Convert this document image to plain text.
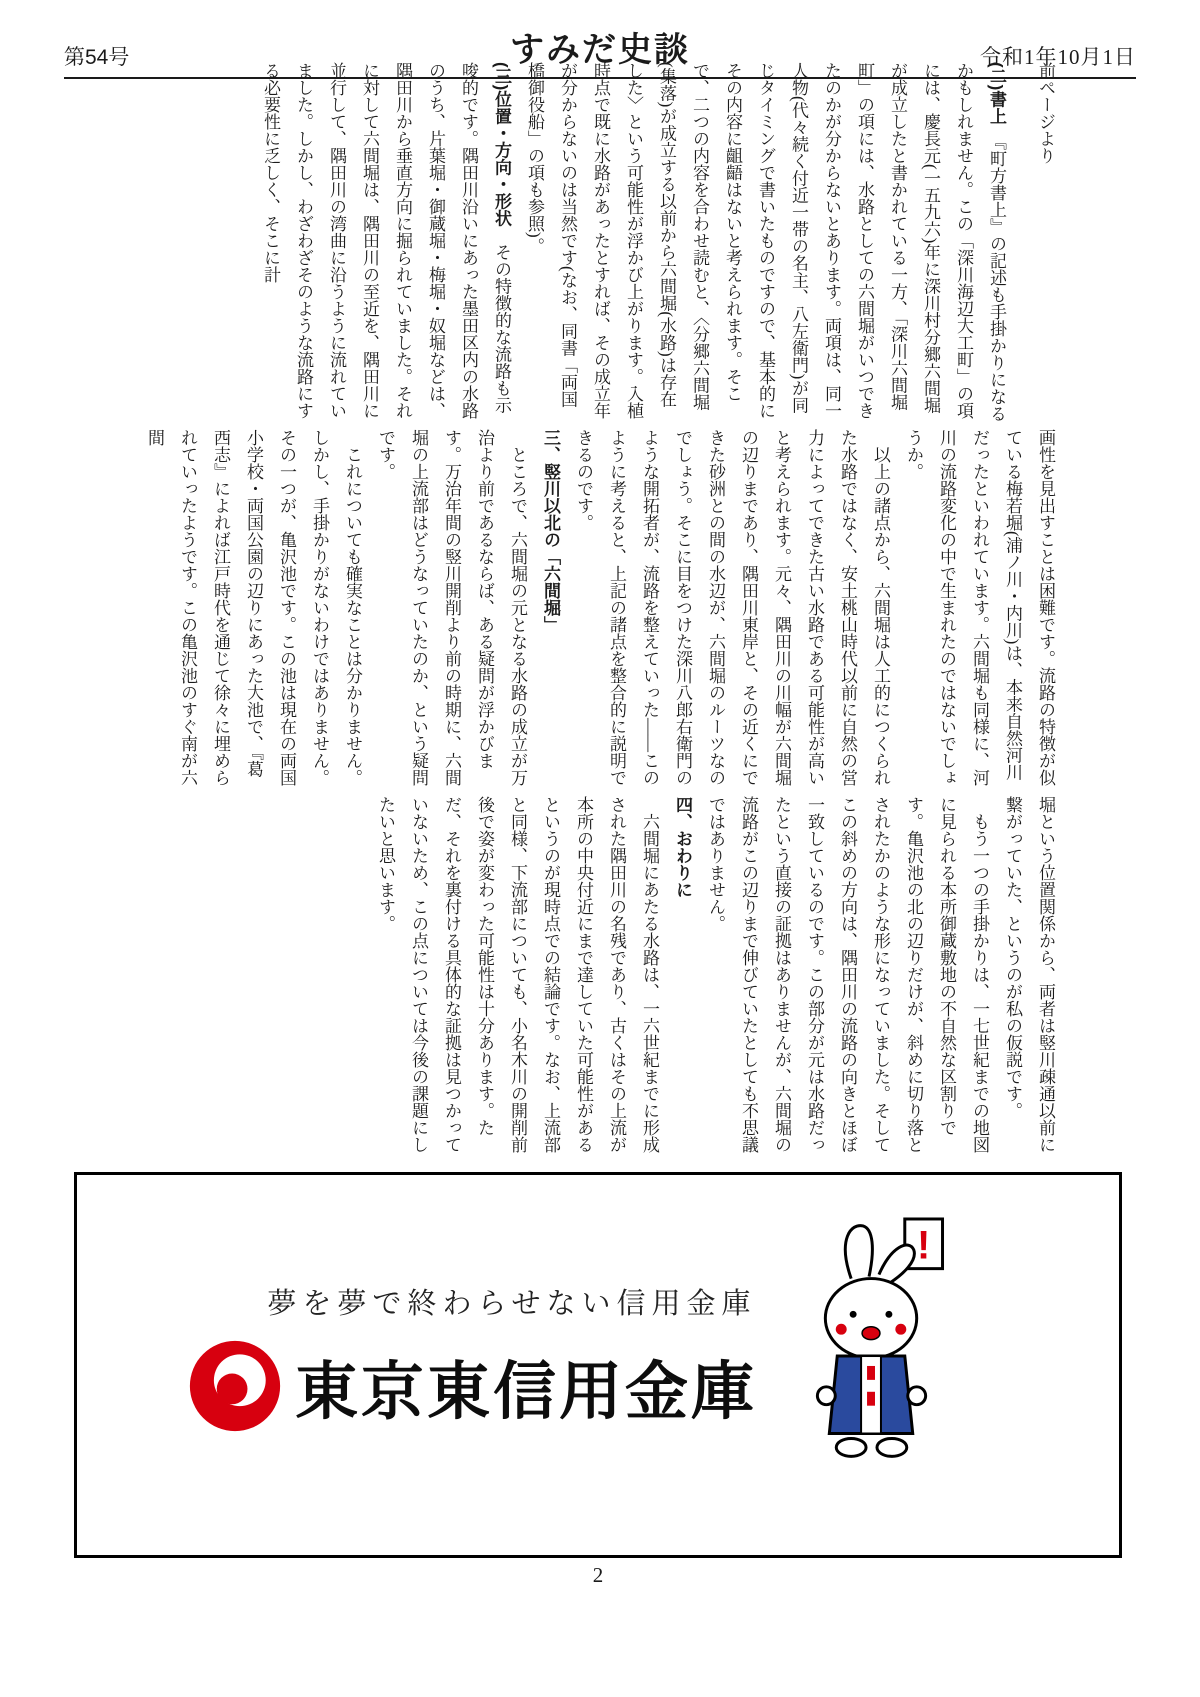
第54号	すみだ史談	令和1年10月1日

前ページより

(二)書上　『町方書上』の記述も手掛かりになるかもしれません。この「深川海辺大工町」の項には、慶長元(一五九六)年に深川村分郷六間堀が成立したと書かれている一方、「深川六間堀町」の項には、水路としての六間堀がいつできたのかが分からないとあります。両項は、同一人物(代々続く付近一帯の名主、八左衛門)が同じタイミングで書いたものですので、基本的にその内容に齟齬はないと考えられます。そこで、二つの内容を合わせ読むと、〈分郷六間堀(集落)が成立する以前から六間堀(水路)は存在した〉という可能性が浮かび上がります。入植時点で既に水路があったとすれば、その成立年が分からないのは当然です(なお、同書「両国橋御役船」の項も参照)。

(三)位置・方向・形状　その特徴的な流路も示唆的です。隅田川沿いにあった墨田区内の水路のうち、片葉堀・御蔵堀・梅堀・奴堀などは、隅田川から垂直方向に掘られていました。それに対して六間堀は、隅田川の至近を、隅田川に並行して、隅田川の湾曲に沿うように流れていました。しかし、わざわざそのような流路にする必要性に乏しく、そこに計

画性を見出すことは困難です。流路の特徴が似ている梅若堀(浦ノ川・内川)は、本来自然河川だったといわれています。六間堀も同様に、河川の流路変化の中で生まれたのではないでしょうか。

　以上の諸点から、六間堀は人工的につくられた水路ではなく、安土桃山時代以前に自然の営力によってできた古い水路である可能性が高いと考えられます。元々、隅田川の川幅が六間堀の辺りまであり、隅田川東岸と、その近くにできた砂洲との間の水辺が、六間堀のルーツなのでしょう。そこに目をつけた深川八郎右衛門のような開拓者が、流路を整えていった――このように考えると、上記の諸点を整合的に説明できるのです。

三、竪川以北の「六間堀」

　ところで、六間堀の元となる水路の成立が万治より前であるならば、ある疑問が浮かびます。万治年間の竪川開削より前の時期に、六間堀の上流部はどうなっていたのか、という疑問です。

　これについても確実なことは分かりません。しかし、手掛かりがないわけではありません。その一つが、亀沢池です。この池は現在の両国小学校・両国公園の辺りにあった大池で、『葛西志』によれば江戸時代を通じて徐々に埋められていったようです。この亀沢池のすぐ南が六間

堀という位置関係から、両者は竪川疎通以前に繋がっていた、というのが私の仮説です。

　もう一つの手掛かりは、一七世紀までの地図に見られる本所御蔵敷地の不自然な区割りです。亀沢池の北の辺りだけが、斜めに切り落とされたかのような形になっていました。そしてこの斜めの方向は、隅田川の流路の向きとほぼ一致しているのです。この部分が元は水路だったという直接の証拠はありませんが、六間堀の流路がこの辺りまで伸びていたとしても不思議ではありません。

四、おわりに

　六間堀にあたる水路は、一六世紀までに形成された隅田川の名残であり、古くはその上流が本所の中央付近にまで達していた可能性があるというのが現時点での結論です。なお、上流部と同様、下流部についても、小名木川の開削前後で姿が変わった可能性は十分あります。ただ、それを裏付ける具体的な証拠は見つかっていないため、この点については今後の課題にしたいと思います。

夢を夢で終わらせない信用金庫
東京東信用金庫
!
2
